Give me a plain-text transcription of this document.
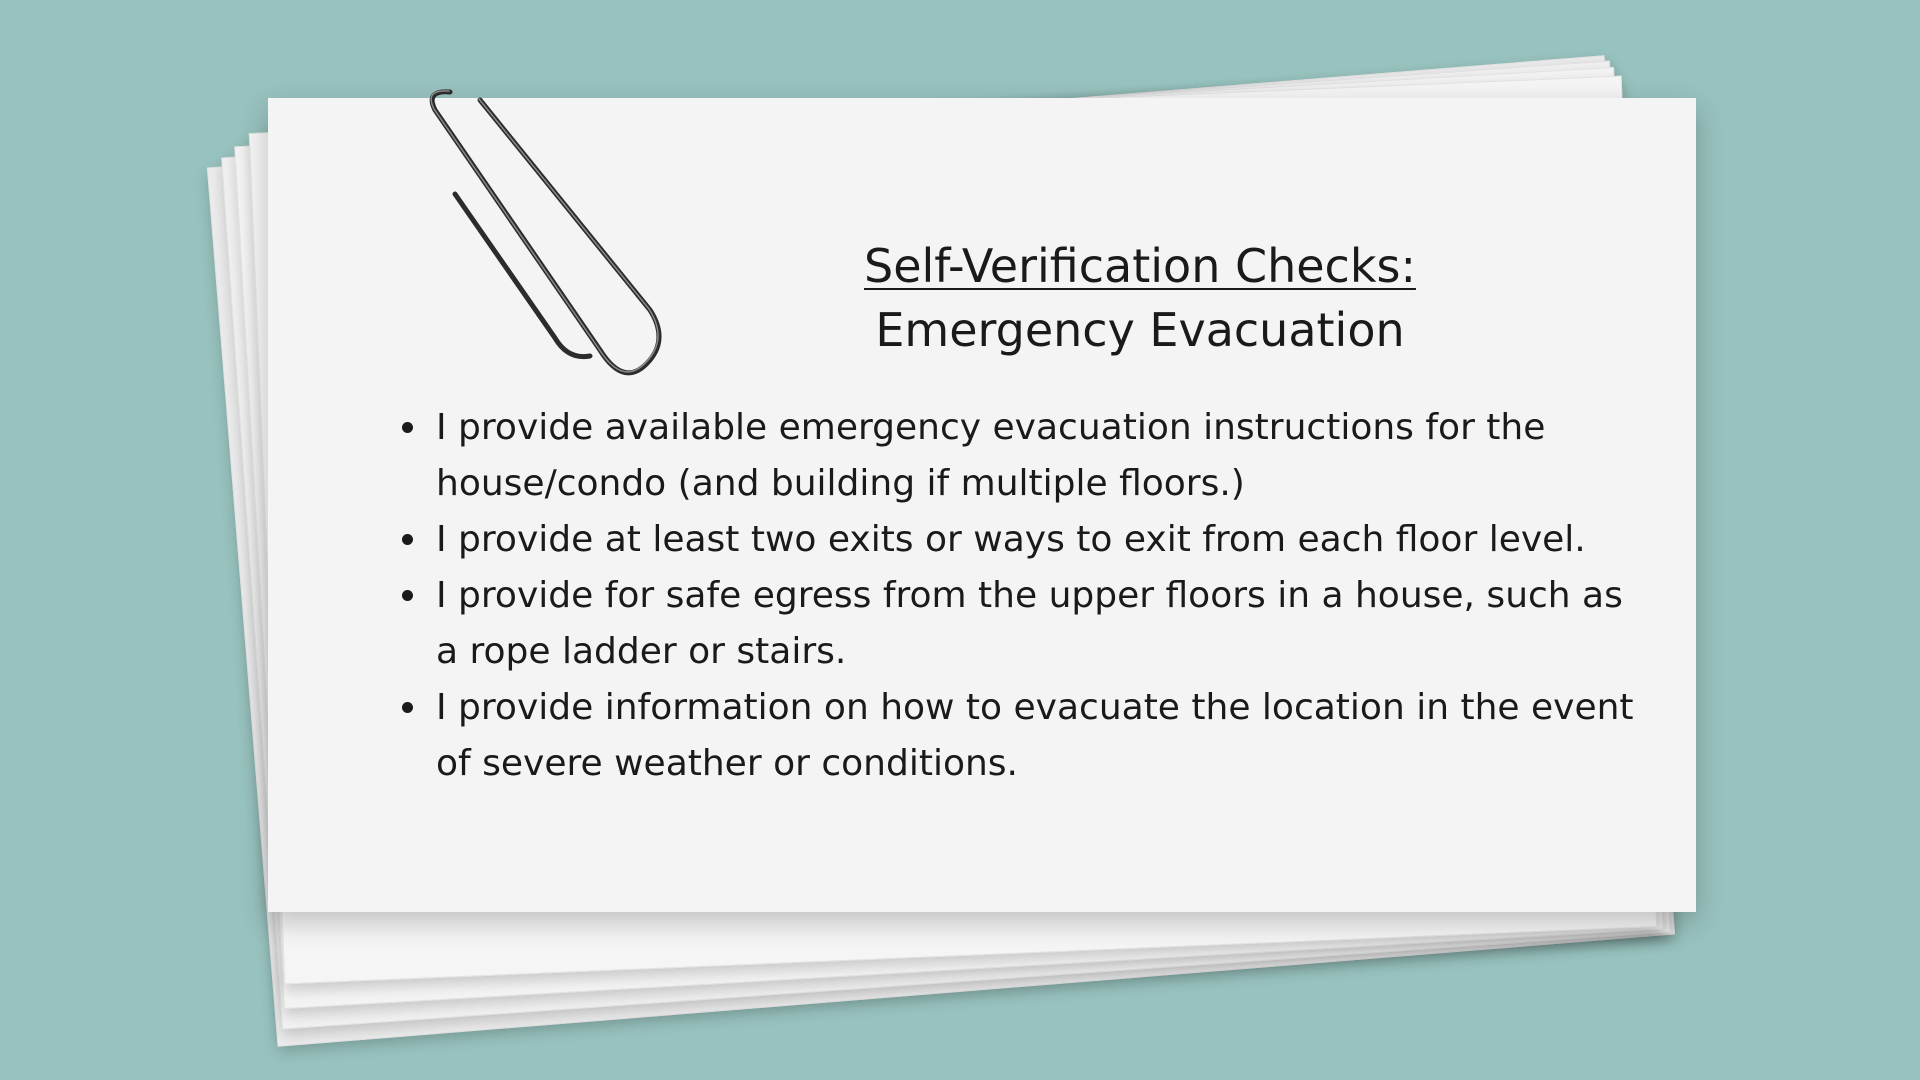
Self-Verification Checks:
Emergency Evacuation
I provide available emergency evacuation instructions for the house/condo (and building if multiple floors.)
I provide at least two exits or ways to exit from each floor level.
I provide for safe egress from the upper floors in a house, such as a rope ladder or stairs.
I provide information on how to evacuate the location in the event of severe weather or conditions.
